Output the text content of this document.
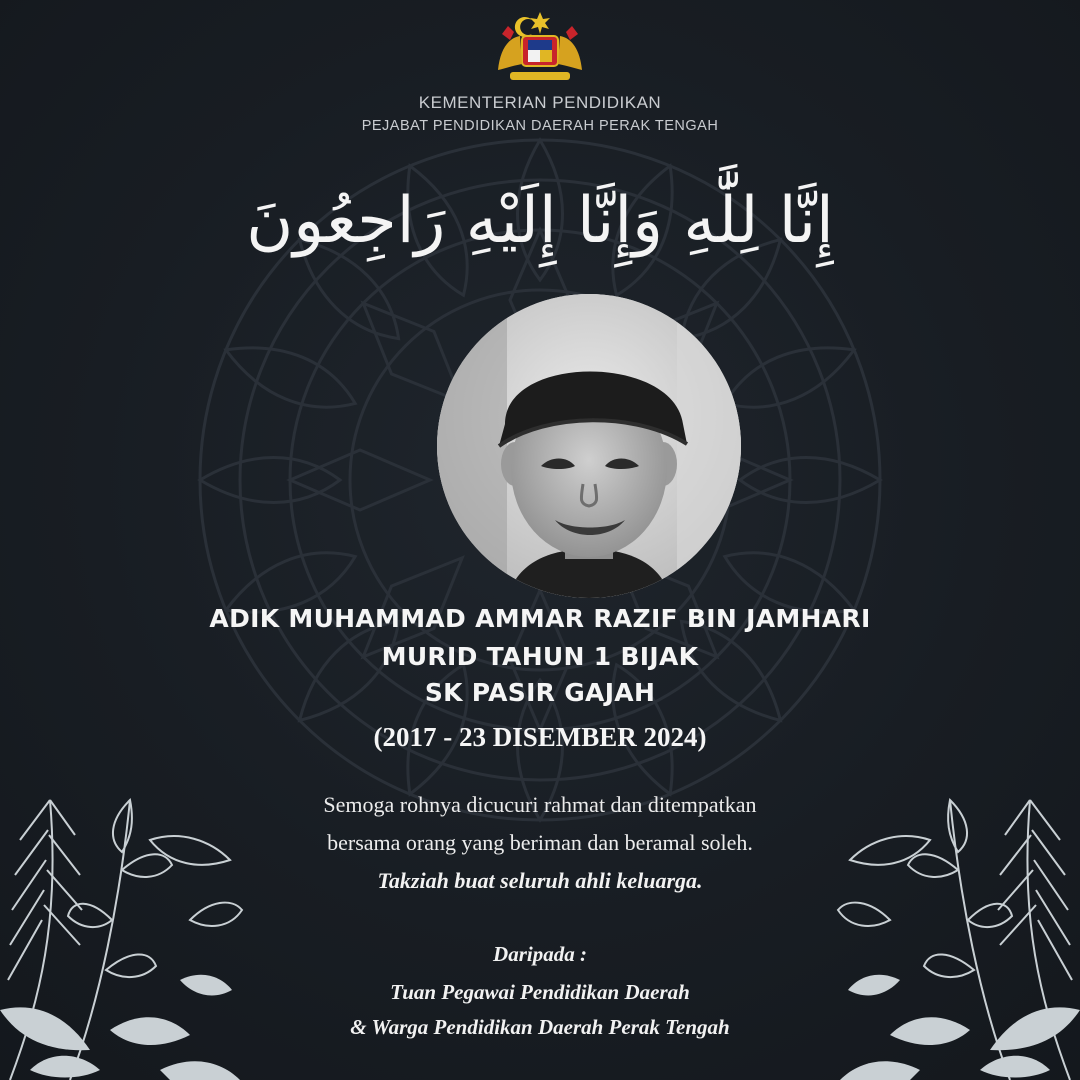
KEMENTERIAN PENDIDIKAN
PEJABAT PENDIDIKAN DAERAH PERAK TENGAH
إِنَّا لِلَّٰهِ وَإِنَّا إِلَيْهِ رَاجِعُونَ
ADIK MUHAMMAD AMMAR RAZIF BIN JAMHARI
MURID TAHUN 1 BIJAK
SK PASIR GAJAH
(2017 - 23 DISEMBER 2024)
Semoga rohnya dicucuri rahmat dan ditempatkan
bersama orang yang beriman dan beramal soleh.
Takziah buat seluruh ahli keluarga.
Daripada :
Tuan Pegawai Pendidikan Daerah
& Warga Pendidikan Daerah Perak Tengah
